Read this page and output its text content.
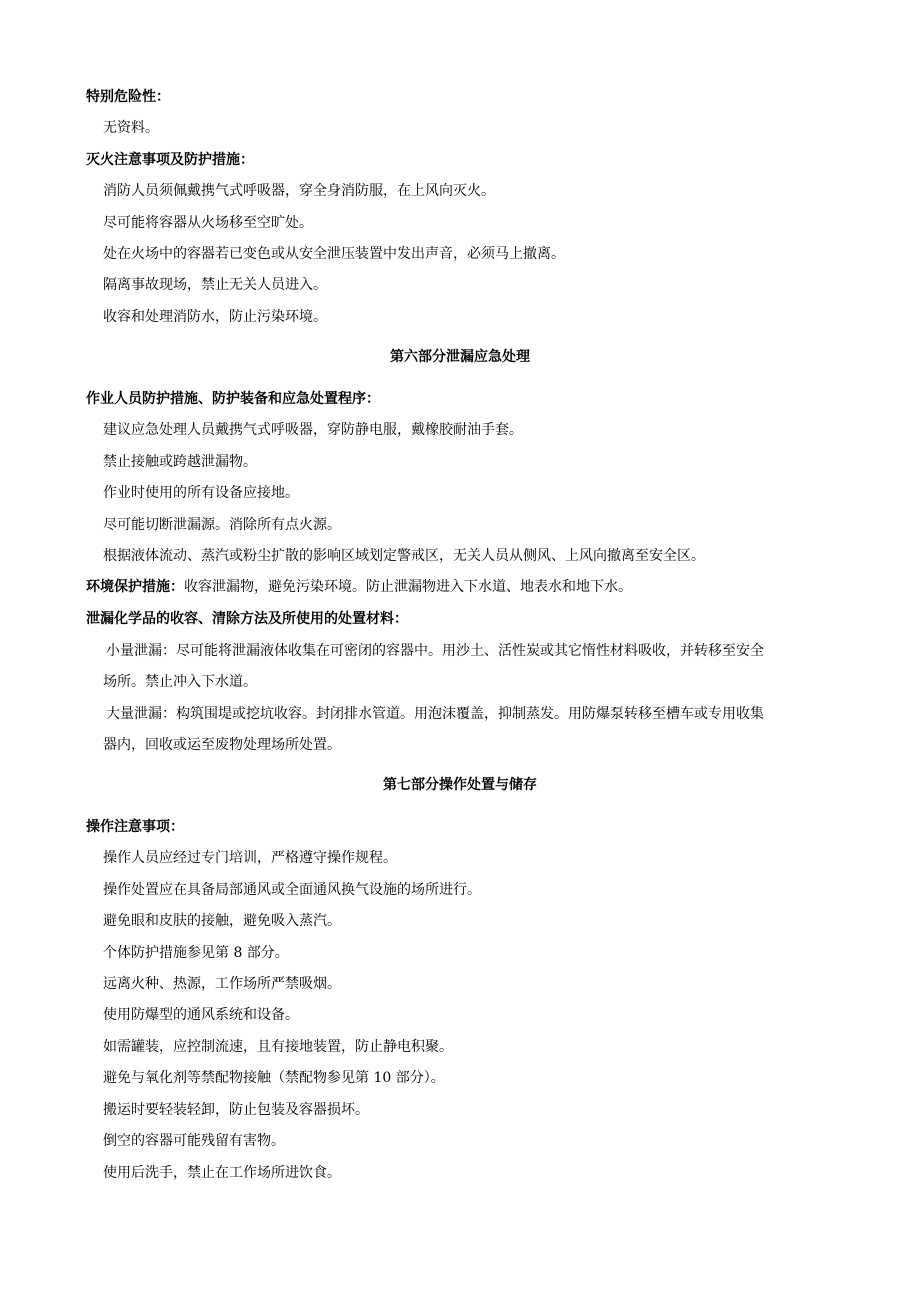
特别危险性：
无资料。
灭火注意事项及防护措施：
消防人员须佩戴携气式呼吸器，穿全身消防服，在上风向灭火。
尽可能将容器从火场移至空旷处。
处在火场中的容器若已变色或从安全泄压装置中发出声音，必须马上撤离。
隔离事故现场，禁止无关人员进入。
收容和处理消防水，防止污染环境。
第六部分泄漏应急处理
作业人员防护措施、防护装备和应急处置程序：
建议应急处理人员戴携气式呼吸器，穿防静电服，戴橡胶耐油手套。
禁止接触或跨越泄漏物。
作业时使用的所有设备应接地。
尽可能切断泄漏源。消除所有点火源。
根据液体流动、蒸汽或粉尘扩散的影响区域划定警戒区，无关人员从侧风、上风向撤离至安全区。
环境保护措施：收容泄漏物，避免污染环境。防止泄漏物进入下水道、地表水和地下水。
泄漏化学品的收容、清除方法及所使用的处置材料：
小量泄漏：尽可能将泄漏液体收集在可密闭的容器中。用沙土、活性炭或其它惰性材料吸收，并转移至安全
场所。禁止冲入下水道。
大量泄漏：构筑围堤或挖坑收容。封闭排水管道。用泡沫覆盖，抑制蒸发。用防爆泵转移至槽车或专用收集
器内，回收或运至废物处理场所处置。
第七部分操作处置与储存
操作注意事项：
操作人员应经过专门培训，严格遵守操作规程。
操作处置应在具备局部通风或全面通风换气设施的场所进行。
避免眼和皮肤的接触，避免吸入蒸汽。
个体防护措施参见第 8 部分。
远离火种、热源，工作场所严禁吸烟。
使用防爆型的通风系统和设备。
如需罐装，应控制流速，且有接地装置，防止静电积聚。
避免与氧化剂等禁配物接触（禁配物参见第 10 部分）。
搬运时要轻装轻卸，防止包装及容器损坏。
倒空的容器可能残留有害物。
使用后洗手，禁止在工作场所进饮食。
